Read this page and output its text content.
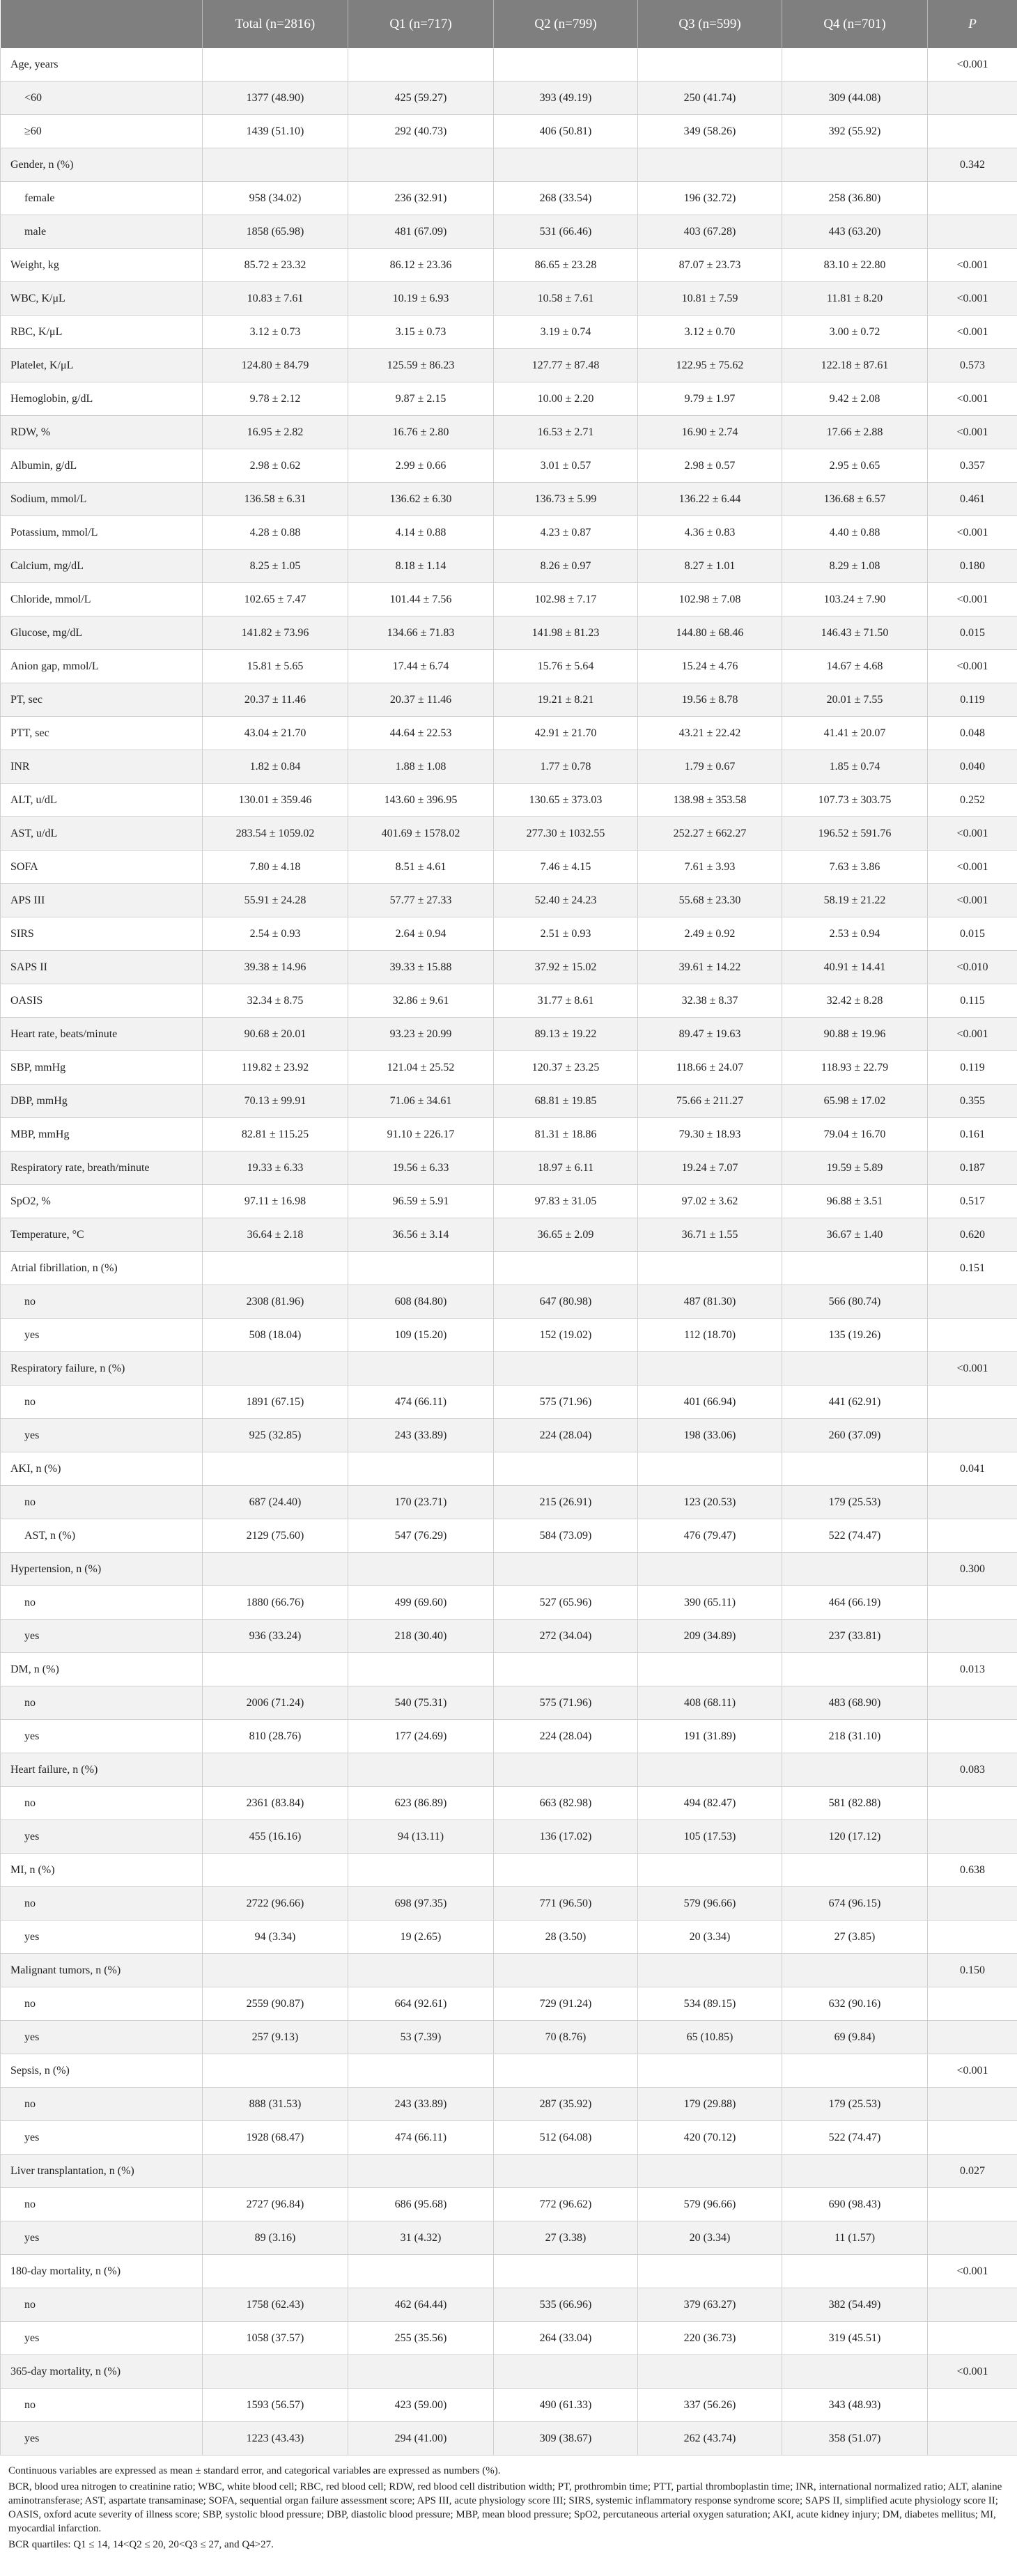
	Total (n=2816)	Q1 (n=717)	Q2 (n=799)	Q3 (n=599)	Q4 (n=701)	P
Age, years						<0.001
<60	1377 (48.90)	425 (59.27)	393 (49.19)	250 (41.74)	309 (44.08)	
≥60	1439 (51.10)	292 (40.73)	406 (50.81)	349 (58.26)	392 (55.92)	
Gender, n (%)						0.342
female	958 (34.02)	236 (32.91)	268 (33.54)	196 (32.72)	258 (36.80)	
male	1858 (65.98)	481 (67.09)	531 (66.46)	403 (67.28)	443 (63.20)	
Weight, kg	85.72 ± 23.32	86.12 ± 23.36	86.65 ± 23.28	87.07 ± 23.73	83.10 ± 22.80	<0.001
WBC, K/μL	10.83 ± 7.61	10.19 ± 6.93	10.58 ± 7.61	10.81 ± 7.59	11.81 ± 8.20	<0.001
RBC, K/μL	3.12 ± 0.73	3.15 ± 0.73	3.19 ± 0.74	3.12 ± 0.70	3.00 ± 0.72	<0.001
Platelet, K/μL	124.80 ± 84.79	125.59 ± 86.23	127.77 ± 87.48	122.95 ± 75.62	122.18 ± 87.61	0.573
Hemoglobin, g/dL	9.78 ± 2.12	9.87 ± 2.15	10.00 ± 2.20	9.79 ± 1.97	9.42 ± 2.08	<0.001
RDW, %	16.95 ± 2.82	16.76 ± 2.80	16.53 ± 2.71	16.90 ± 2.74	17.66 ± 2.88	<0.001
Albumin, g/dL	2.98 ± 0.62	2.99 ± 0.66	3.01 ± 0.57	2.98 ± 0.57	2.95 ± 0.65	0.357
Sodium, mmol/L	136.58 ± 6.31	136.62 ± 6.30	136.73 ± 5.99	136.22 ± 6.44	136.68 ± 6.57	0.461
Potassium, mmol/L	4.28 ± 0.88	4.14 ± 0.88	4.23 ± 0.87	4.36 ± 0.83	4.40 ± 0.88	<0.001
Calcium, mg/dL	8.25 ± 1.05	8.18 ± 1.14	8.26 ± 0.97	8.27 ± 1.01	8.29 ± 1.08	0.180
Chloride, mmol/L	102.65 ± 7.47	101.44 ± 7.56	102.98 ± 7.17	102.98 ± 7.08	103.24 ± 7.90	<0.001
Glucose, mg/dL	141.82 ± 73.96	134.66 ± 71.83	141.98 ± 81.23	144.80 ± 68.46	146.43 ± 71.50	0.015
Anion gap, mmol/L	15.81 ± 5.65	17.44 ± 6.74	15.76 ± 5.64	15.24 ± 4.76	14.67 ± 4.68	<0.001
PT, sec	20.37 ± 11.46	20.37 ± 11.46	19.21 ± 8.21	19.56 ± 8.78	20.01 ± 7.55	0.119
PTT, sec	43.04 ± 21.70	44.64 ± 22.53	42.91 ± 21.70	43.21 ± 22.42	41.41 ± 20.07	0.048
INR	1.82 ± 0.84	1.88 ± 1.08	1.77 ± 0.78	1.79 ± 0.67	1.85 ± 0.74	0.040
ALT, u/dL	130.01 ± 359.46	143.60 ± 396.95	130.65 ± 373.03	138.98 ± 353.58	107.73 ± 303.75	0.252
AST, u/dL	283.54 ± 1059.02	401.69 ± 1578.02	277.30 ± 1032.55	252.27 ± 662.27	196.52 ± 591.76	<0.001
SOFA	7.80 ± 4.18	8.51 ± 4.61	7.46 ± 4.15	7.61 ± 3.93	7.63 ± 3.86	<0.001
APS III	55.91 ± 24.28	57.77 ± 27.33	52.40 ± 24.23	55.68 ± 23.30	58.19 ± 21.22	<0.001
SIRS	2.54 ± 0.93	2.64 ± 0.94	2.51 ± 0.93	2.49 ± 0.92	2.53 ± 0.94	0.015
SAPS II	39.38 ± 14.96	39.33 ± 15.88	37.92 ± 15.02	39.61 ± 14.22	40.91 ± 14.41	<0.010
OASIS	32.34 ± 8.75	32.86 ± 9.61	31.77 ± 8.61	32.38 ± 8.37	32.42 ± 8.28	0.115
Heart rate, beats/minute	90.68 ± 20.01	93.23 ± 20.99	89.13 ± 19.22	89.47 ± 19.63	90.88 ± 19.96	<0.001
SBP, mmHg	119.82 ± 23.92	121.04 ± 25.52	120.37 ± 23.25	118.66 ± 24.07	118.93 ± 22.79	0.119
DBP, mmHg	70.13 ± 99.91	71.06 ± 34.61	68.81 ± 19.85	75.66 ± 211.27	65.98 ± 17.02	0.355
MBP, mmHg	82.81 ± 115.25	91.10 ± 226.17	81.31 ± 18.86	79.30 ± 18.93	79.04 ± 16.70	0.161
Respiratory rate, breath/minute	19.33 ± 6.33	19.56 ± 6.33	18.97 ± 6.11	19.24 ± 7.07	19.59 ± 5.89	0.187
SpO2, %	97.11 ± 16.98	96.59 ± 5.91	97.83 ± 31.05	97.02 ± 3.62	96.88 ± 3.51	0.517
Temperature, °C	36.64 ± 2.18	36.56 ± 3.14	36.65 ± 2.09	36.71 ± 1.55	36.67 ± 1.40	0.620
Atrial fibrillation, n (%)						0.151
no	2308 (81.96)	608 (84.80)	647 (80.98)	487 (81.30)	566 (80.74)	
yes	508 (18.04)	109 (15.20)	152 (19.02)	112 (18.70)	135 (19.26)	
Respiratory failure, n (%)						<0.001
no	1891 (67.15)	474 (66.11)	575 (71.96)	401 (66.94)	441 (62.91)	
yes	925 (32.85)	243 (33.89)	224 (28.04)	198 (33.06)	260 (37.09)	
AKI, n (%)						0.041
no	687 (24.40)	170 (23.71)	215 (26.91)	123 (20.53)	179 (25.53)	
AST, n (%)	2129 (75.60)	547 (76.29)	584 (73.09)	476 (79.47)	522 (74.47)	
Hypertension, n (%)						0.300
no	1880 (66.76)	499 (69.60)	527 (65.96)	390 (65.11)	464 (66.19)	
yes	936 (33.24)	218 (30.40)	272 (34.04)	209 (34.89)	237 (33.81)	
DM, n (%)						0.013
no	2006 (71.24)	540 (75.31)	575 (71.96)	408 (68.11)	483 (68.90)	
yes	810 (28.76)	177 (24.69)	224 (28.04)	191 (31.89)	218 (31.10)	
Heart failure, n (%)						0.083
no	2361 (83.84)	623 (86.89)	663 (82.98)	494 (82.47)	581 (82.88)	
yes	455 (16.16)	94 (13.11)	136 (17.02)	105 (17.53)	120 (17.12)	
MI, n (%)						0.638
no	2722 (96.66)	698 (97.35)	771 (96.50)	579 (96.66)	674 (96.15)	
yes	94 (3.34)	19 (2.65)	28 (3.50)	20 (3.34)	27 (3.85)	
Malignant tumors, n (%)						0.150
no	2559 (90.87)	664 (92.61)	729 (91.24)	534 (89.15)	632 (90.16)	
yes	257 (9.13)	53 (7.39)	70 (8.76)	65 (10.85)	69 (9.84)	
Sepsis, n (%)						<0.001
no	888 (31.53)	243 (33.89)	287 (35.92)	179 (29.88)	179 (25.53)	
yes	1928 (68.47)	474 (66.11)	512 (64.08)	420 (70.12)	522 (74.47)	
Liver transplantation, n (%)						0.027
no	2727 (96.84)	686 (95.68)	772 (96.62)	579 (96.66)	690 (98.43)	
yes	89 (3.16)	31 (4.32)	27 (3.38)	20 (3.34)	11 (1.57)	
180-day mortality, n (%)						<0.001
no	1758 (62.43)	462 (64.44)	535 (66.96)	379 (63.27)	382 (54.49)	
yes	1058 (37.57)	255 (35.56)	264 (33.04)	220 (36.73)	319 (45.51)	
365-day mortality, n (%)						<0.001
no	1593 (56.57)	423 (59.00)	490 (61.33)	337 (56.26)	343 (48.93)	
yes	1223 (43.43)	294 (41.00)	309 (38.67)	262 (43.74)	358 (51.07)	

Continuous variables are expressed as mean ± standard error, and categorical variables are expressed as numbers (%).

BCR, blood urea nitrogen to creatinine ratio; WBC, white blood cell; RBC, red blood cell; RDW, red blood cell distribution width; PT, prothrombin time; PTT, partial thromboplastin time; INR, international normalized ratio; ALT, alanine aminotransferase; AST, aspartate transaminase; SOFA, sequential organ failure assessment score; APS III, acute physiology score III; SIRS, systemic inflammatory response syndrome score; SAPS II, simplified acute physiology score II; OASIS, oxford acute severity of illness score; SBP, systolic blood pressure; DBP, diastolic blood pressure; MBP, mean blood pressure; SpO2, percutaneous arterial oxygen saturation; AKI, acute kidney injury; DM, diabetes mellitus; MI, myocardial infarction.

BCR quartiles: Q1 ≤ 14, 14<Q2 ≤ 20, 20<Q3 ≤ 27, and Q4>27.
